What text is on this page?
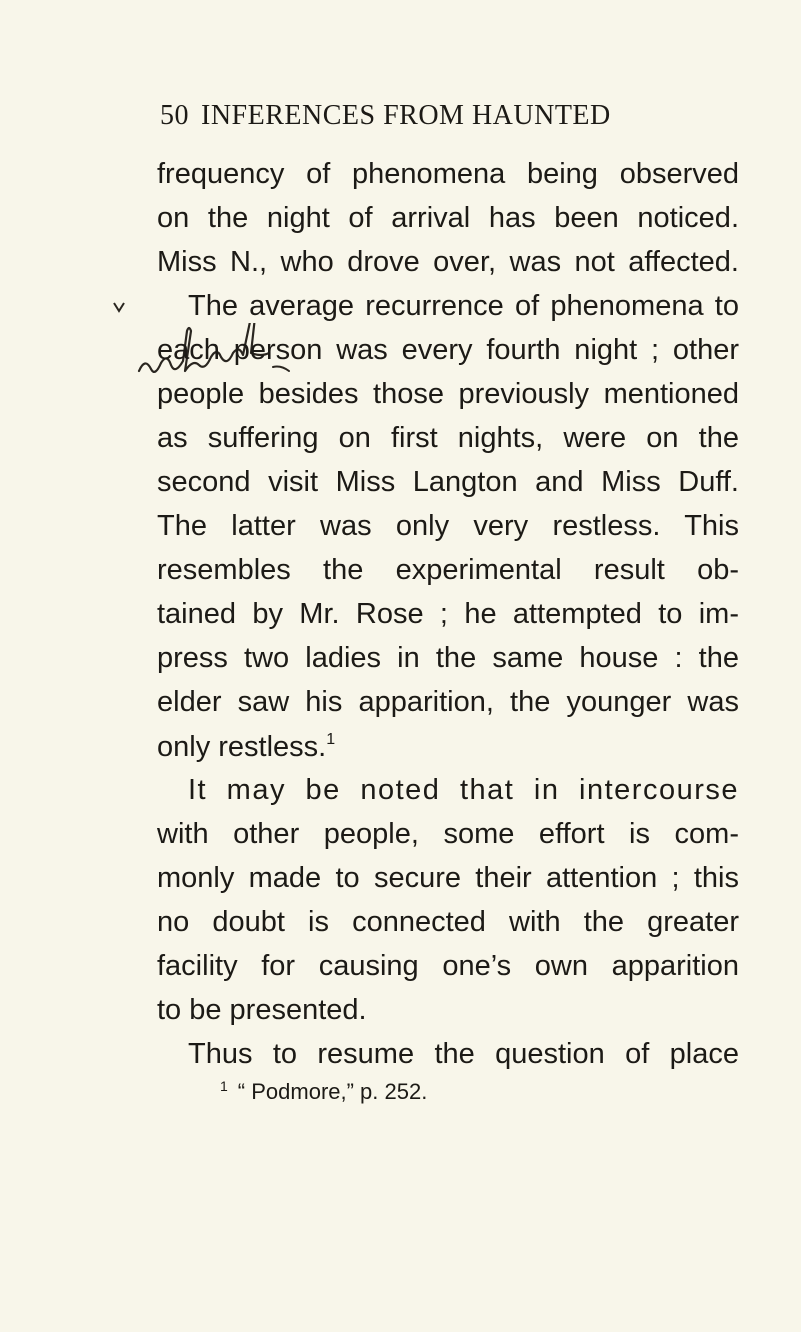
50 INFERENCES FROM HAUNTED
frequency of phenomena being observed
on the night of arrival has been noticed.
Miss N., who drove over, was not affected.
The average recurrence of phenomena to
each person was every fourth night ; other
people besides those previously mentioned
as suffering on first nights, were on the
second visit Miss Langton and Miss Duff.
The latter was only very restless. This
resembles the experimental result ob-
tained by Mr. Rose ; he attempted to im-
press two ladies in the same house : the
elder saw his apparition, the younger was
only restless.$^1$
It may be noted that in intercourse
with other people, some effort is com-
monly made to secure their attention ; this
no doubt is connected with the greater
facility for causing one’s own apparition
to be presented.
Thus to resume the question of place
$^1$ “ Podmore,” p. 252.
